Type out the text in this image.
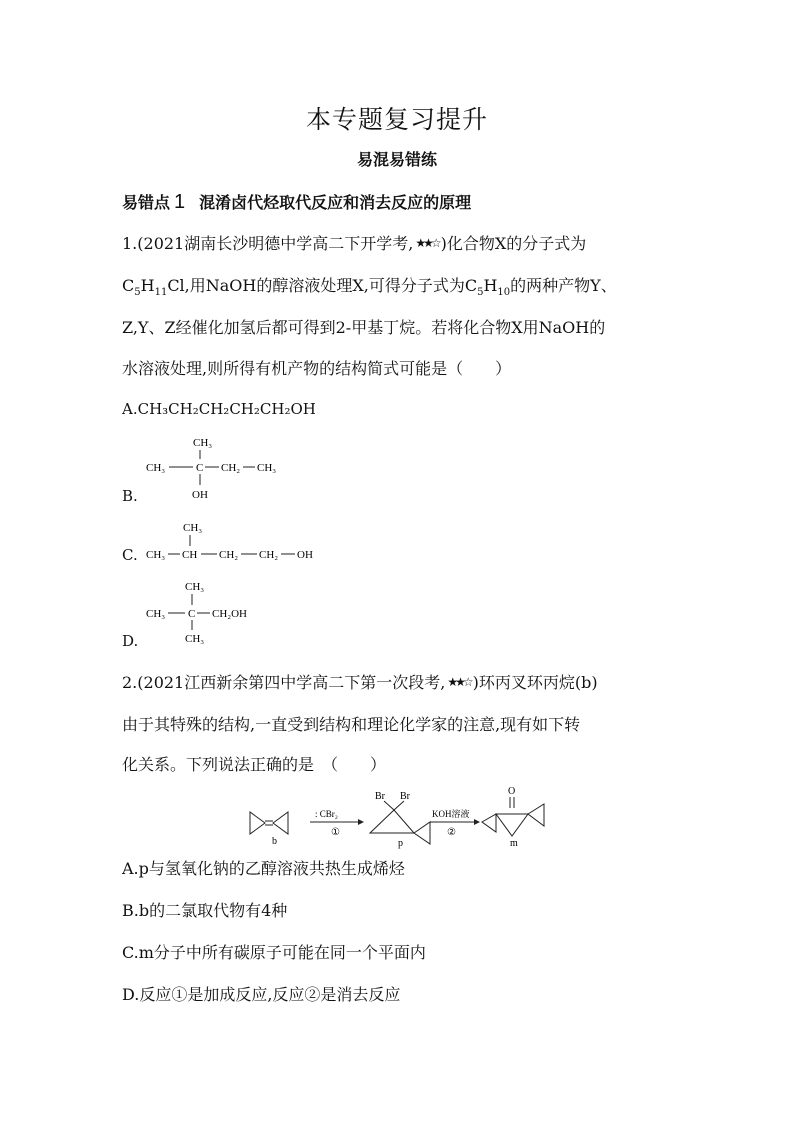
本专题复习提升
易混易错练
易错点 1 混淆卤代烃取代反应和消去反应的原理
1.(2021湖南长沙明德中学高二下开学考, ★★☆ )化合物X的分子式为
$C_5H_{11}Cl$,用NaOH的醇溶液处理X,可得分子式为$C_5H_{10}$的两种产物Y、
Z,Y、Z经催化加氢后都可得到2-甲基丁烷。若将化合物X用NaOH的
水溶液处理,则所得有机产物的结构简式可能是（　　）
A.CH₃CH₂CH₂CH₂CH₂OH
CH₃
CH₃	C CH₂ CH₃
OH
B.
CH₃
CH₃ CH CH₂ CH₂ OH
C.
CH₃
CH₃ C CH₂OH
CH₃
D.
2.(2021江西新余第四中学高二下第一次段考, ★★☆ )环丙叉环丙烷(b)
由于其特殊的结构,一直受到结构和理论化学家的注意,现有如下转
化关系。下列说法正确的是　（　　）
b
: CBr₂
①
Br Br
p
KOH溶液
②
O
m
A.p与氢氧化钠的乙醇溶液共热生成烯烃
B.b的二氯取代物有4种
C.m分子中所有碳原子可能在同一个平面内
D.反应①是加成反应,反应②是消去反应
